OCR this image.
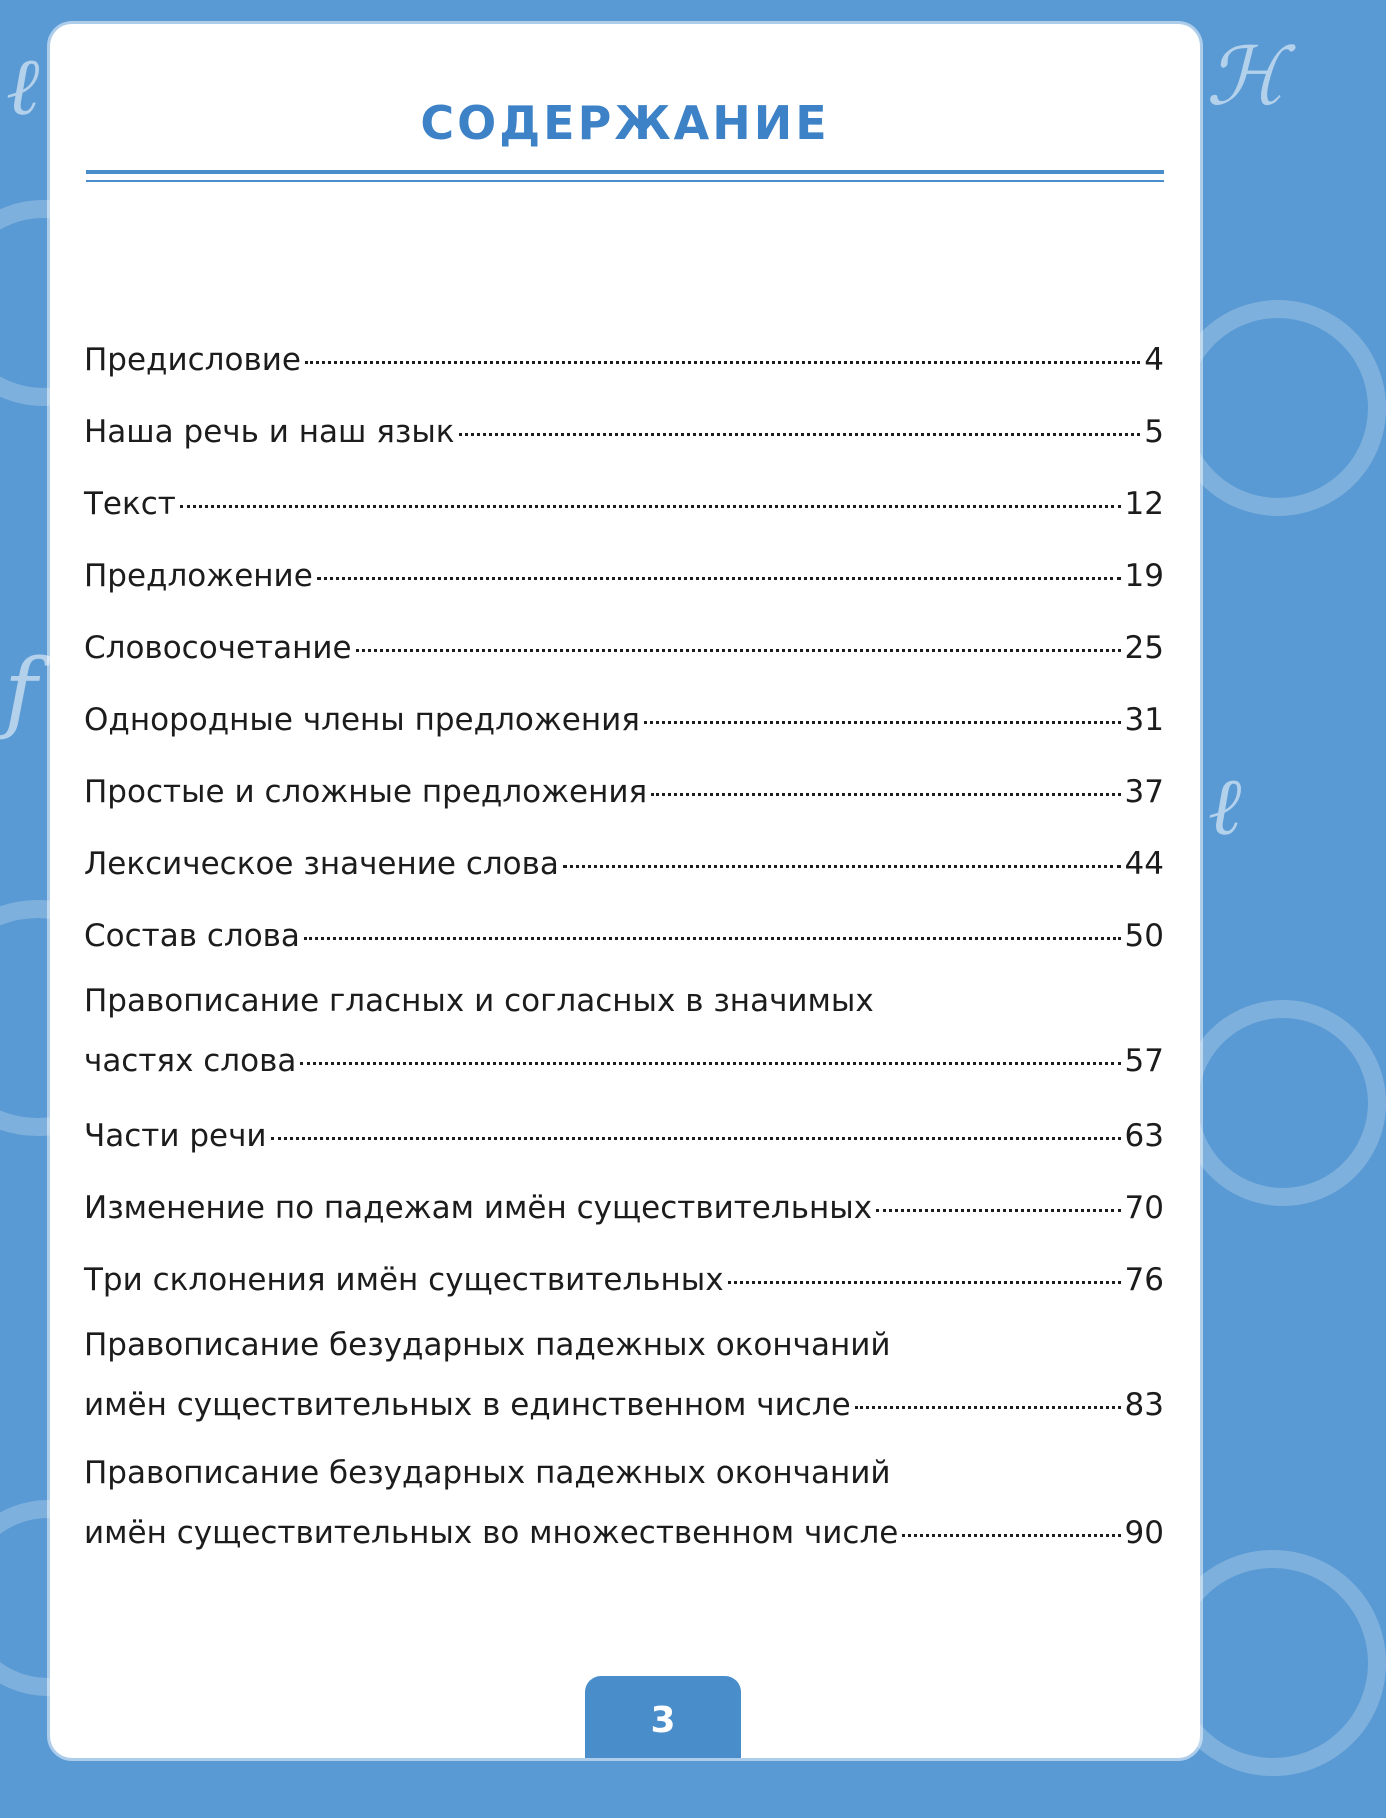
ℓ
ƒ
ℋ
ℓ
СОДЕРЖАНИЕ
Предисловие	4
Наша речь и наш язык	5
Текст	12
Предложение	19
Словосочетание	25
Однородные члены предложения	31
Простые и сложные предложения	37
Лексическое значение слова	44
Состав слова	50
Правописание гласных и согласных в значимых
частях слова	57
Части речи	63
Изменение по падежам имён существительных	70
Три склонения имён существительных	76
Правописание безударных падежных окончаний
имён существительных в единственном числе	83
Правописание безударных падежных окончаний
имён существительных во множественном числе	90
3
